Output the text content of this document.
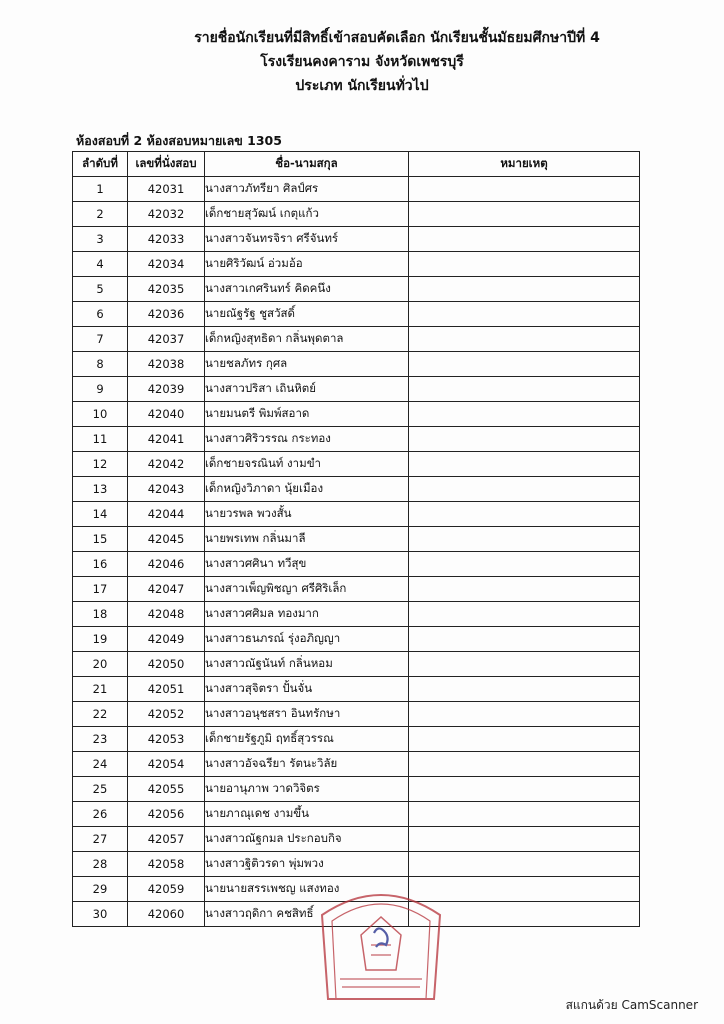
รายชื่อนักเรียนที่มีสิทธิ์เข้าสอบคัดเลือก นักเรียนชั้นมัธยมศึกษาปีที่ 4
โรงเรียนคงคาราม จังหวัดเพชรบุรี
ประเภท นักเรียนทั่วไป
ห้องสอบที่ 2 ห้องสอบหมายเลข 1305
ลำดับที่	เลขที่นั่งสอบ	ชื่อ-นามสกุล	หมายเหตุ
1	42031	นางสาวภัทรียา ศิลป์ศร	
2	42032	เด็กชายสุวัฒน์ เกตุแก้ว	
3	42033	นางสาวจันทรจิรา ศรีจันทร์	
4	42034	นายศิริวัฒน์ อ่วมอ้อ	
5	42035	นางสาวเกศรินทร์ คิดคนึง	
6	42036	นายณัฐรัฐ ชูสวัสดิ์	
7	42037	เด็กหญิงสุทธิดา กลิ่นพุดตาล	
8	42038	นายชลภัทร กุศล	
9	42039	นางสาวปริสา เถินหิตย์	
10	42040	นายมนตรี พิมพ์สอาด	
11	42041	นางสาวศิริวรรณ กระทอง	
12	42042	เด็กชายจรณินท์ งามขำ	
13	42043	เด็กหญิงวิภาดา นุ้ยเมือง	
14	42044	นายวรพล พวงสั้น	
15	42045	นายพรเทพ กลิ่นมาลี	
16	42046	นางสาวศศินา ทวีสุข	
17	42047	นางสาวเพ็ญพิชญา ศรีศิริเล็ก	
18	42048	นางสาวศศิมล ทองมาก	
19	42049	นางสาวธนภรณ์ รุ่งอภิญญา	
20	42050	นางสาวณัฐนันท์ กลิ่นหอม	
21	42051	นางสาวสุจิตรา ปั้นจั่น	
22	42052	นางสาวอนุชสรา อินทรักษา	
23	42053	เด็กชายรัฐภูมิ ฤทธิ์สุวรรณ	
24	42054	นางสาวอัจฉรียา รัตนะวิลัย	
25	42055	นายอานุภาพ วาดวิจิตร	
26	42056	นายภาณุเดช งามขึ้น	
27	42057	นางสาวณัฐกมล ประกอบกิจ	
28	42058	นางสาวฐิติวรดา พุ่มพวง	
29	42059	นายนายสรรเพชญ แสงทอง	
30	42060	นางสาวฤดิกา คชสิทธิ์	
สแกนด้วย CamScanner
